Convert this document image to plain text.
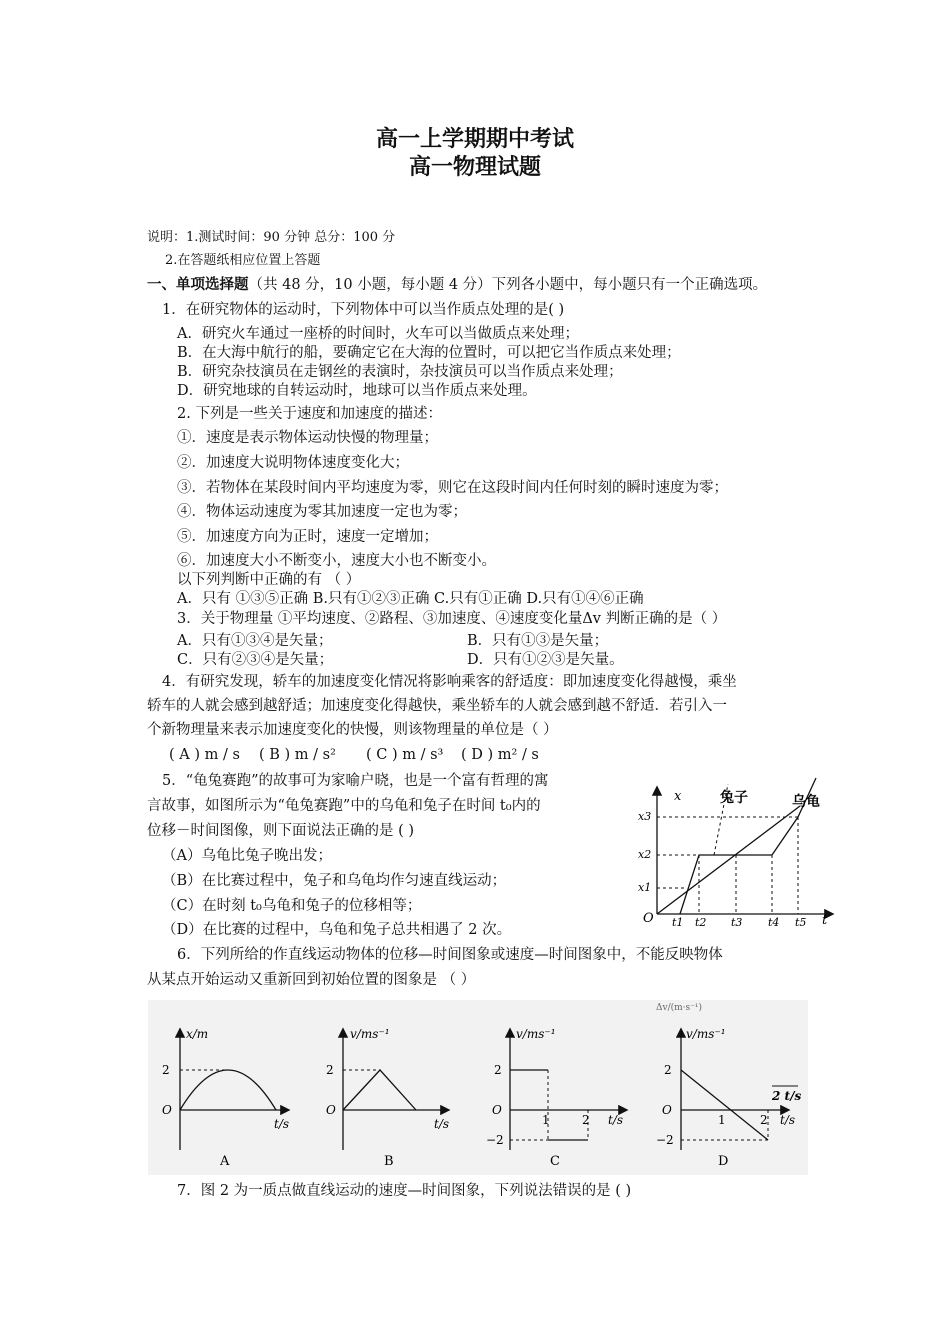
高一上学期期中考试
高一物理试题
说明：1.测试时间：90 分钟 总分：100 分
2.在答题纸相应位置上答题
一、单项选择题（共 48 分，10 小题，每小题 4 分）下列各小题中，每小题只有一个正确选项。
1．在研究物体的运动时，下列物体中可以当作质点处理的是( )
A．研究火车通过一座桥的时间时，火车可以当做质点来处理；
B．在大海中航行的船，要确定它在大海的位置时，可以把它当作质点来处理；
B．研究杂技演员在走钢丝的表演时，杂技演员可以当作质点来处理；
D．研究地球的自转运动时，地球可以当作质点来处理。
2. 下列是一些关于速度和加速度的描述：
①．速度是表示物体运动快慢的物理量；
②．加速度大说明物体速度变化大；
③．若物体在某段时间内平均速度为零，则它在这段时间内任何时刻的瞬时速度为零；
④．物体运动速度为零其加速度一定也为零；
⑤．加速度方向为正时，速度一定增加；
⑥．加速度大小不断变小，速度大小也不断变小。
以下列判断中正确的有 （ ）
A．只有 ①③⑤正确 B.只有①②③正确 C.只有①正确 D.只有①④⑥正确
3．关于物理量 ①平均速度、②路程、③加速度、④速度变化量Δv 判断正确的是（ ）
A．只有①③④是矢量；	B．只有①③是矢量；
C．只有②③④是矢量；	D．只有①②③是矢量。
4．有研究发现，轿车的加速度变化情况将影响乘客的舒适度：即加速度变化得越慢，乘坐
轿车的人就会感到越舒适；加速度变化得越快，乘坐轿车的人就会感到越不舒适．若引入一
个新物理量来表示加速度变化的快慢，则该物理量的单位是（ ）
( A ) m / s ( B ) m / s² ( C ) m / s³ ( D ) m² / s
5．“龟兔赛跑”的故事可为家喻户晓，也是一个富有哲理的寓
言故事，如图所示为“龟兔赛跑”中的乌龟和兔子在时间 t₀内的
位移－时间图像，则下面说法正确的是 ( )
（A）乌龟比兔子晚出发；
（B）在比赛过程中，兔子和乌龟均作匀速直线运动；
（C）在时刻 t₀乌龟和兔子的位移相等；
（D）在比赛的过程中，乌龟和兔子总共相遇了 2 次。
x
t
O
x1
x2
x3
t1 t2 t3 t4 t5
兔子	乌龟
6．下列所给的作直线运动物体的位移—时间图象或速度—时间图象中，不能反映物体
从某点开始运动又重新回到初始位置的图象是 （ ）
Δv/(m·s⁻¹)
x/m
t/s
2
O
A
v/ms⁻¹
t/s
2
O
B
v/ms⁻¹
t/s
2
−2
O
1	2
C
v/ms⁻¹
t/s
2
−2
O
1	2
2 t/s
D
7．图 2 为一质点做直线运动的速度—时间图象，下列说法错误的是 ( )
